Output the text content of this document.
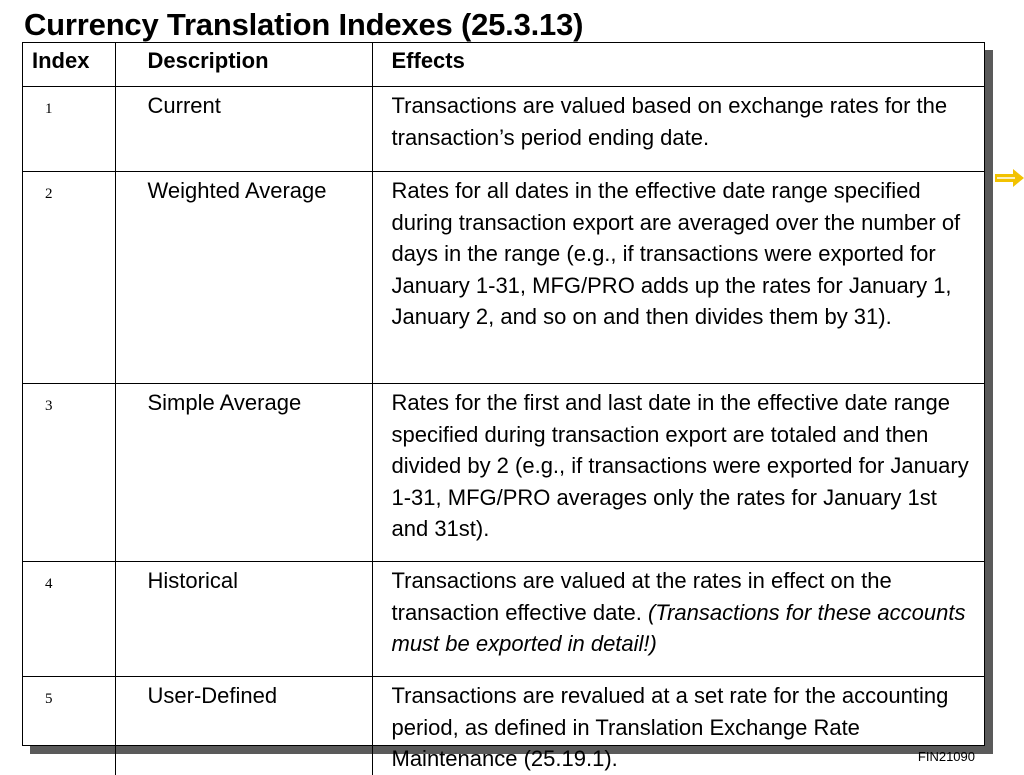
Currency Translation Indexes (25.3.13)
Index	Description	Effects
1	Current	Transactions are valued based on exchange rates for the transaction’s period ending date.
2	Weighted Average	Rates for all dates in the effective date range specified during transaction export are averaged over the number of days in the range (e.g., if transactions were exported for January 1-31, MFG/PRO adds up the rates for January 1, January 2, and so on and then divides them by 31).
3	Simple Average	Rates for the first and last date in the effective date range specified during transaction export are totaled and then divided by 2 (e.g., if transactions were exported for January 1-31, MFG/PRO averages only the rates for January 1st and 31st).
4	Historical	Transactions are valued at the rates in effect on the transaction effective date. (Transactions for these accounts must be exported in detail!)
5	User-Defined	Transactions are revalued at a set rate for the accounting period, as defined in Translation Exchange Rate Maintenance (25.19.1).	FIN21090
